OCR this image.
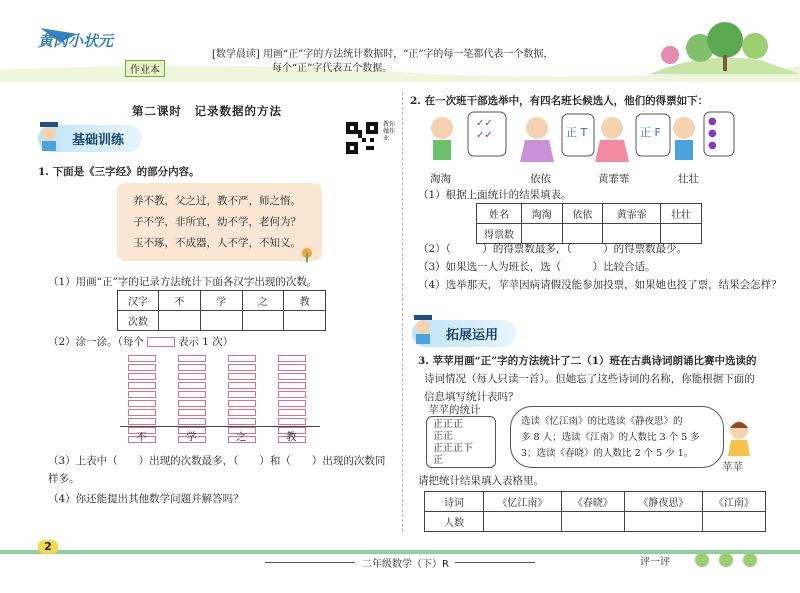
黄冈小状元
作业本
[数学晨读] 用画“正”字的方法统计数据时，“正”字的每一笔都代表一个数据，
每个“正”字代表五个数据。
第二课时　记录数据的方法
教你做作业
基础训练
1. 下面是《三字经》的部分内容。
养不教，父之过，教不严，师之惰。
子不学，非所宜，幼不学，老何为？
玉不琢，不成器，人不学，不知义。
（1）用画“正”字的记录方法统计下面各汉字出现的次数。
汉字	不	学	之	教
次数				
（2）涂一涂。（每个	表示 1 次）
不	学	之	教
（3）上表中（　　）出现的次数最多，（　　）和（　　）出现的次数同
样多。
（4）你还能提出其他数学问题并解答吗？
2. 在一次班干部选举中，有四名班长候选人，他们的得票如下：
✓✓✓✓	正 T	正 F
● ● ●
淘淘	依依	黄霏霏	壮壮
（1）根据上面统计的结果填表。
姓名	淘淘	依依	黄霏霏	壮壮
得票数				
（2）（　　　）的得票数最多，（　　　）的得票数最少。
（3）如果选一人为班长，选（　　　）比较合适。
（4）选举那天，苹苹因病请假没能参加投票，如果她也投了票，结果会怎样？
拓展运用
3. 苹苹用画“正”字的方法统计了二（1）班在古典诗词朗诵比赛中选读的
诗词情况（每人只读一首）。但她忘了这些诗词的名称，你能根据下面的
信息填写统计表吗？
苹苹的统计
正正正
正正
正正正下
正
选读《忆江南》的比选读《静夜思》的
多 8 人；选读《江南》的人数比 3 个 5 多
3；选读《春晓》的人数比 2 个 5 少 1。
苹苹
请把统计结果填入表格里。
诗词	《忆江南》	《春晓》	《静夜思》	《江南》
人数				
2
二年级数学（下）R	评一评
